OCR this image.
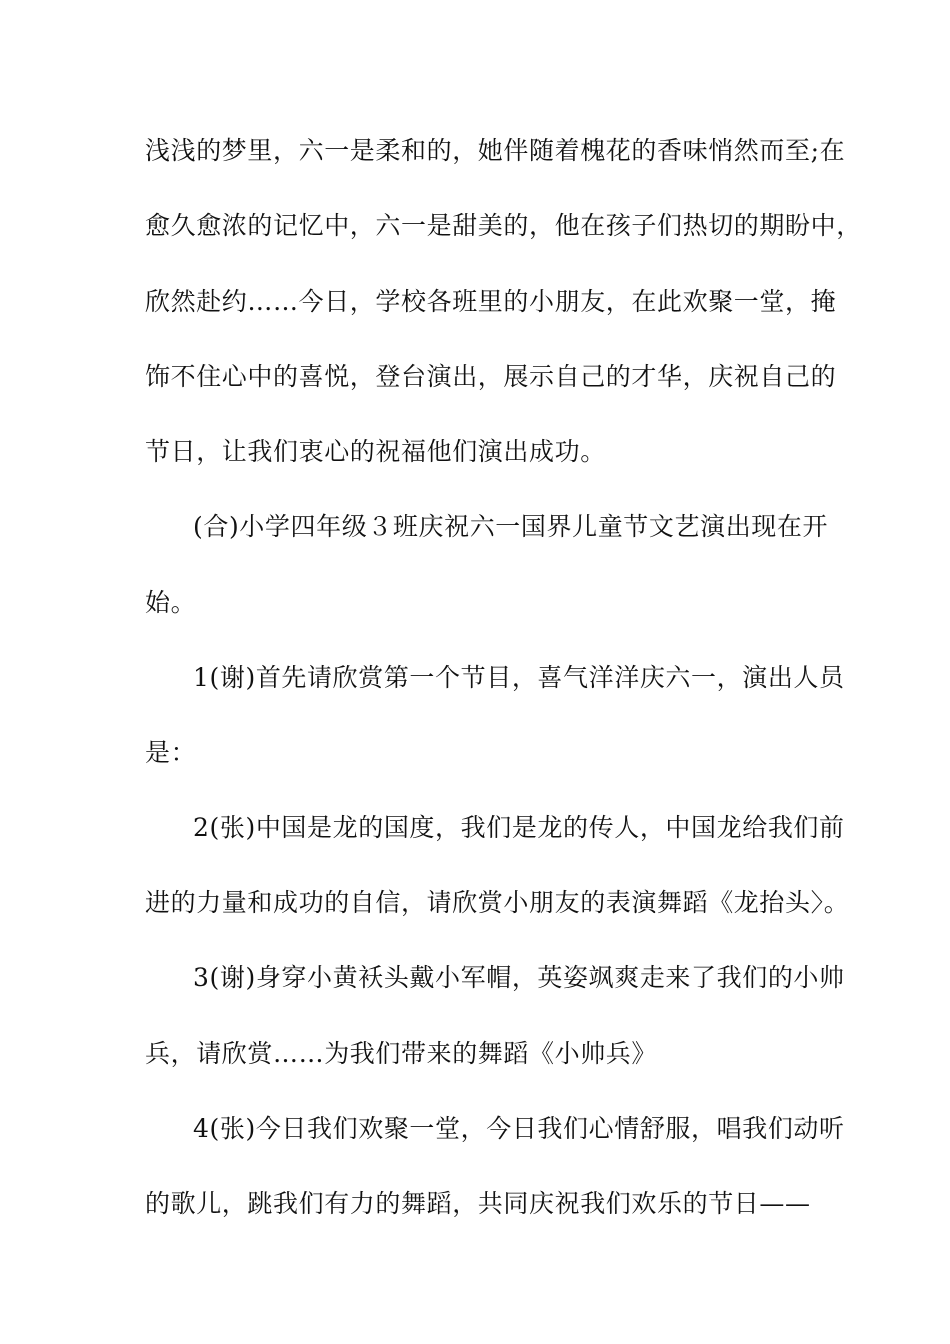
浅浅的梦里，六一是柔和的，她伴随着槐花的香味悄然而至;在
愈久愈浓的记忆中，六一是甜美的，他在孩子们热切的期盼中，
欣然赴约……今日，学校各班里的小朋友，在此欢聚一堂，掩
饰不住心中的喜悦，登台演出，展示自己的才华，庆祝自己的
节日，让我们衷心的祝福他们演出成功。
(合)小学四年级３班庆祝六一国界儿童节文艺演出现在开
始。
1(谢)首先请欣赏第一个节目，喜气洋洋庆六一，演出人员
是：
2(张)中国是龙的国度，我们是龙的传人，中国龙给我们前
进的力量和成功的自信，请欣赏小朋友的表演舞蹈《龙抬头〉。
3(谢)身穿小黄袄头戴小军帽，英姿飒爽走来了我们的小帅
兵，请欣赏……为我们带来的舞蹈《小帅兵》
4(张)今日我们欢聚一堂，今日我们心情舒服，唱我们动听
的歌儿，跳我们有力的舞蹈，共同庆祝我们欢乐的节日——
